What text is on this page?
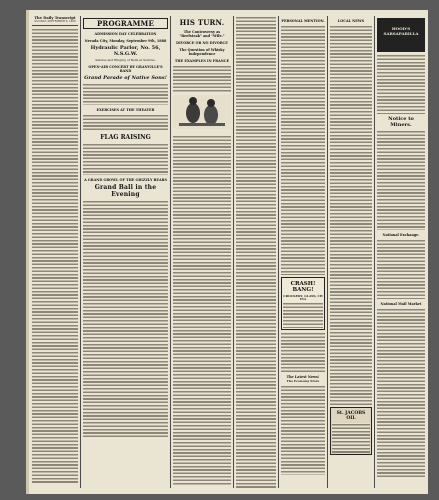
The Daily Transcript
SUNDAY, SEPTEMBER 8, 1888	PROGRAMME
ADMISSION DAY CELEBRATION
Nevada City, Monday, September 9th, 1888
Hydraulic Parlor, No. 56, N.S.G.W.
Salutes and Ringing of Bells at Sunrise.
OPEN-AIR CONCERT BY GRANVILLE'S BAND
Grand Parade of Native Sons!
EXERCISES AT THE THEATER
FLAG RAISING
A GRAND GROWL OF THE GRIZZLY BEARS
Grand Ball in the Evening
HIS TURN.
The Controversy as "Beefsteak" and "Wife."
DIVORCE OR NO DIVORCE
The Question of Whisky Independence
THE EXAMPLES IN FRANCE
PERSONAL MENTION.
CRASH! BANG!
CROCKERY, GLASS, CHINA
The Latest News!
The Economy Store
LOCAL NEWS
St. JACOBS OIL
HOOD'S SARSAPARILLA
Notice to Miners.
National Exchange.
National Mail Market
